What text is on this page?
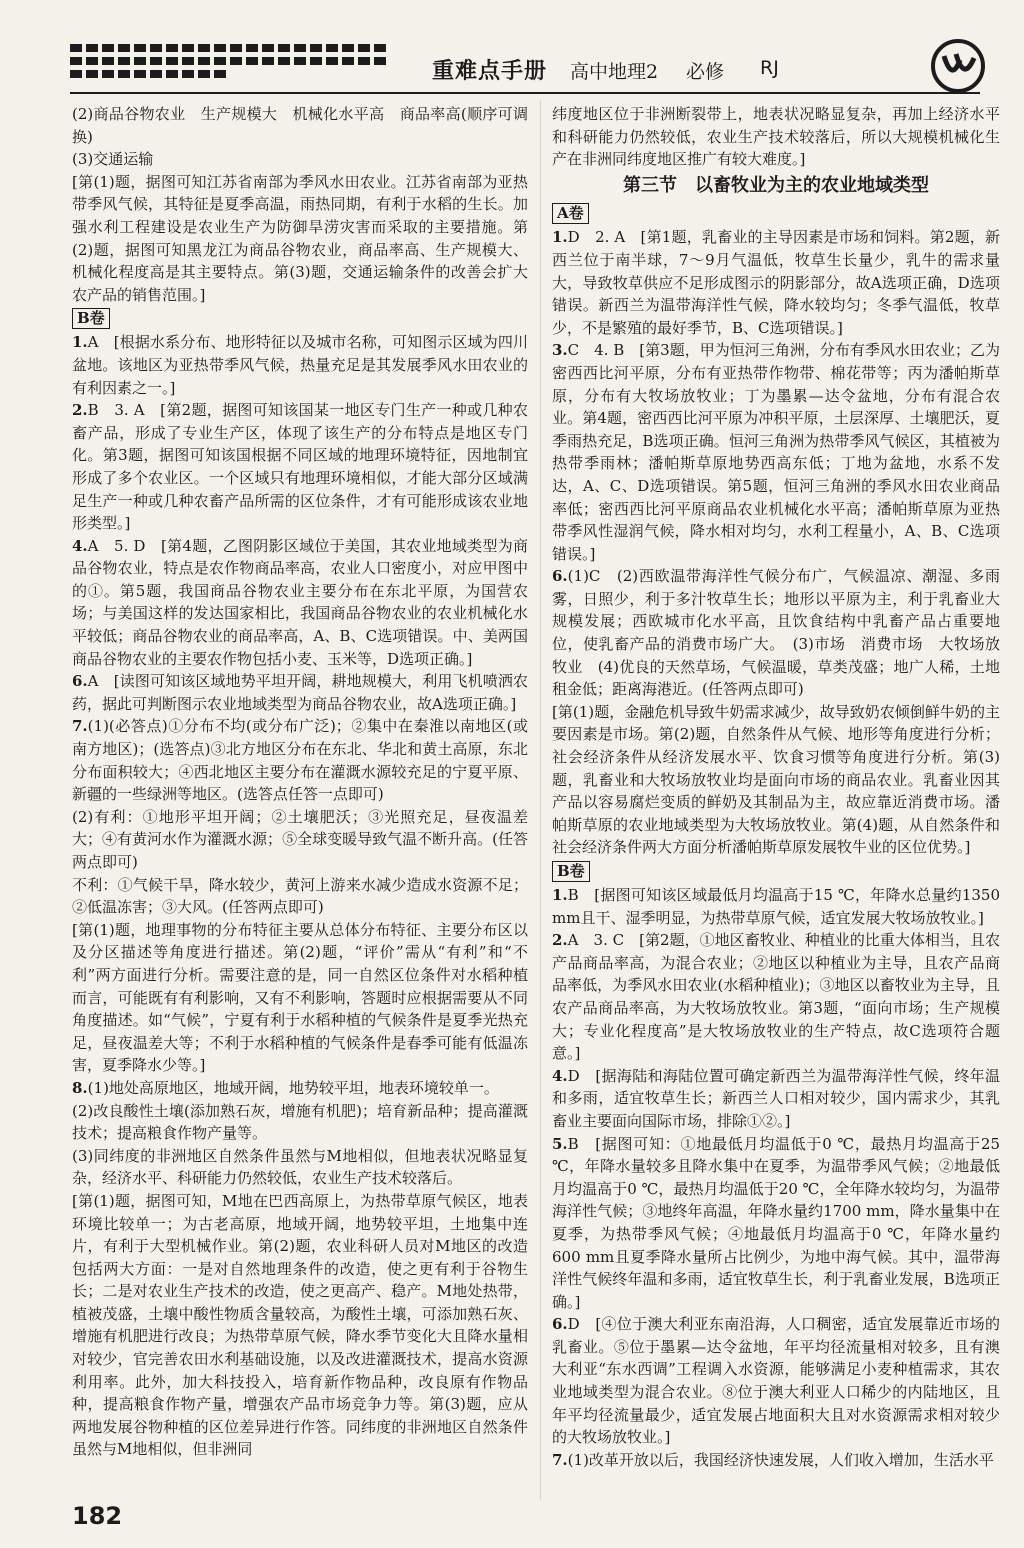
重难点手册 高中地理2 必修 RJ

(2)商品谷物农业　生产规模大　机械化水平高　商品率高(顺序可调换)

(3)交通运输

[第(1)题，据图可知江苏省南部为季风水田农业。江苏省南部为亚热带季风气候，其特征是夏季高温，雨热同期，有利于水稻的生长。加强水利工程建设是农业生产为防御旱涝灾害而采取的主要措施。第(2)题，据图可知黑龙江为商品谷物农业，商品率高、生产规模大、机械化程度高是其主要特点。第(3)题，交通运输条件的改善会扩大农产品的销售范围。]

B卷

1.A　[根据水系分布、地形特征以及城市名称，可知图示区域为四川盆地。该地区为亚热带季风气候，热量充足是其发展季风水田农业的有利因素之一。]

2.B　3. A　[第2题，据图可知该国某一地区专门生产一种或几种农畜产品，形成了专业生产区，体现了该生产的分布特点是地区专门化。第3题，据图可知该国根据不同区域的地理环境特征，因地制宜形成了多个农业区。一个区域只有地理环境相似，才能大部分区域满足生产一种或几种农畜产品所需的区位条件，才有可能形成该农业地形类型。]

4.A　5. D　[第4题，乙图阴影区域位于美国，其农业地域类型为商品谷物农业，特点是农作物商品率高，农业人口密度小，对应甲图中的①。第5题，我国商品谷物农业主要分布在东北平原，为国营农场；与美国这样的发达国家相比，我国商品谷物农业的农业机械化水平较低；商品谷物农业的商品率高，A、B、C选项错误。中、美两国商品谷物农业的主要农作物包括小麦、玉米等，D选项正确。]

6.A　[读图可知该区域地势平坦开阔，耕地规模大，利用飞机喷洒农药，据此可判断图示农业地域类型为商品谷物农业，故A选项正确。]

7.(1)(必答点)①分布不均(或分布广泛)；②集中在秦淮以南地区(或南方地区)；(选答点)③北方地区分布在东北、华北和黄土高原，东北分布面积较大；④西北地区主要分布在灌溉水源较充足的宁夏平原、新疆的一些绿洲等地区。(选答点任答一点即可)

(2)有利：①地形平坦开阔；②土壤肥沃；③光照充足，昼夜温差大；④有黄河水作为灌溉水源；⑤全球变暖导致气温不断升高。(任答两点即可)

不利：①气候干旱，降水较少，黄河上游来水减少造成水资源不足；②低温冻害；③大风。(任答两点即可)

[第(1)题，地理事物的分布特征主要从总体分布特征、主要分布区以及分区描述等角度进行描述。第(2)题，“评价”需从“有利”和“不利”两方面进行分析。需要注意的是，同一自然区位条件对水稻种植而言，可能既有有利影响，又有不利影响，答题时应根据需要从不同角度描述。如“气候”，宁夏有利于水稻种植的气候条件是夏季光热充足，昼夜温差大等；不利于水稻种植的气候条件是春季可能有低温冻害，夏季降水少等。]

8.(1)地处高原地区，地域开阔，地势较平坦，地表环境较单一。

(2)改良酸性土壤(添加熟石灰，增施有机肥)；培育新品种；提高灌溉技术；提高粮食作物产量等。

(3)同纬度的非洲地区自然条件虽然与M地相似，但地表状况略显复杂，经济水平、科研能力仍然较低，农业生产技术较落后。

[第(1)题，据图可知，M地在巴西高原上，为热带草原气候区，地表环境比较单一；为古老高原，地域开阔，地势较平坦，土地集中连片，有利于大型机械作业。第(2)题，农业科研人员对M地区的改造包括两大方面：一是对自然地理条件的改造，使之更有利于谷物生长；二是对农业生产技术的改造，使之更高产、稳产。M地处热带，植被茂盛，土壤中酸性物质含量较高，为酸性土壤，可添加熟石灰、增施有机肥进行改良；为热带草原气候，降水季节变化大且降水量相对较少，官完善农田水利基础设施，以及改进灌溉技术，提高水资源利用率。此外，加大科技投入，培育新作物品种，改良原有作物品种，提高粮食作物产量，增强农产品市场竞争力等。第(3)题，应从两地发展谷物种植的区位差异进行作答。同纬度的非洲地区自然条件虽然与M地相似，但非洲同

纬度地区位于非洲断裂带上，地表状况略显复杂，再加上经济水平和科研能力仍然较低，农业生产技术较落后，所以大规模机械化生产在非洲同纬度地区推广有较大难度。]

第三节　以畜牧业为主的农业地域类型
A卷

1.D　2. A　[第1题，乳畜业的主导因素是市场和饲料。第2题，新西兰位于南半球，7～9月气温低，牧草生长量少，乳牛的需求量大，导致牧草供应不足形成图示的阴影部分，故A选项正确，D选项错误。新西兰为温带海洋性气候，降水较均匀；冬季气温低，牧草少，不是繁殖的最好季节，B、C选项错误。]

3.C　4. B　[第3题，甲为恒河三角洲，分布有季风水田农业；乙为密西西比河平原，分布有亚热带作物带、棉花带等；丙为潘帕斯草原，分布有大牧场放牧业；丁为墨累—达令盆地，分布有混合农业。第4题，密西西比河平原为冲积平原，土层深厚、土壤肥沃，夏季雨热充足，B选项正确。恒河三角洲为热带季风气候区，其植被为热带季雨林；潘帕斯草原地势西高东低；丁地为盆地，水系不发达，A、C、D选项错误。第5题，恒河三角洲的季风水田农业商品率低；密西西比河平原商品农业机械化水平高；潘帕斯草原为亚热带季风性湿润气候，降水相对均匀，水利工程量小，A、B、C选项错误。]

6.(1)C　(2)西欧温带海洋性气候分布广，气候温凉、潮湿、多雨雾，日照少，利于多汁牧草生长；地形以平原为主，利于乳畜业大规模发展；西欧城市化水平高，且饮食结构中乳畜产品占重要地位，使乳畜产品的消费市场广大。　(3)市场　消费市场　大牧场放牧业　(4)优良的天然草场，气候温暖，草类茂盛；地广人稀，土地租金低；距离海港近。(任答两点即可)

[第(1)题，金融危机导致牛奶需求减少，故导致奶农倾倒鲜牛奶的主要因素是市场。第(2)题，自然条件从气候、地形等角度进行分析；社会经济条件从经济发展水平、饮食习惯等角度进行分析。第(3)题，乳畜业和大牧场放牧业均是面向市场的商品农业。乳畜业因其产品以容易腐烂变质的鲜奶及其制品为主，故应靠近消费市场。潘帕斯草原的农业地域类型为大牧场放牧业。第(4)题，从自然条件和社会经济条件两大方面分析潘帕斯草原发展牧牛业的区位优势。]

B卷

1.B　[据图可知该区域最低月均温高于15 ℃，年降水总量约1350 mm且干、湿季明显，为热带草原气候，适宜发展大牧场放牧业。]

2.A　3. C　[第2题，①地区畜牧业、种植业的比重大体相当，且农产品商品率高，为混合农业；②地区以种植业为主导，且农产品商品率低，为季风水田农业(水稻种植业)；③地区以畜牧业为主导，且农产品商品率高，为大牧场放牧业。第3题，“面向市场；生产规模大；专业化程度高”是大牧场放牧业的生产特点，故C选项符合题意。]

4.D　[据海陆和海陆位置可确定新西兰为温带海洋性气候，终年温和多雨，适宜牧草生长；新西兰人口相对较少，国内需求少，其乳畜业主要面向国际市场，排除①②。]

5.B　[据图可知：①地最低月均温低于0 ℃，最热月均温高于25 ℃，年降水量较多且降水集中在夏季，为温带季风气候；②地最低月均温高于0 ℃，最热月均温低于20 ℃，全年降水较均匀，为温带海洋性气候；③地终年高温，年降水量约1700 mm，降水量集中在夏季，为热带季风气候；④地最低月均温高于0 ℃，年降水量约600 mm且夏季降水量所占比例少，为地中海气候。其中，温带海洋性气候终年温和多雨，适宜牧草生长，利于乳畜业发展，B选项正确。]

6.D　[④位于澳大利亚东南沿海，人口稠密，适宜发展靠近市场的乳畜业。⑤位于墨累—达令盆地，年平均径流量相对较多，且有澳大利亚“东水西调”工程调入水资源，能够满足小麦种植需求，其农业地域类型为混合农业。⑧位于澳大利亚人口稀少的内陆地区，且年平均径流量最少，适宜发展占地面积大且对水资源需求相对较少的大牧场放牧业。]

7.(1)改革开放以后，我国经济快速发展，人们收入增加，生活水平

182
